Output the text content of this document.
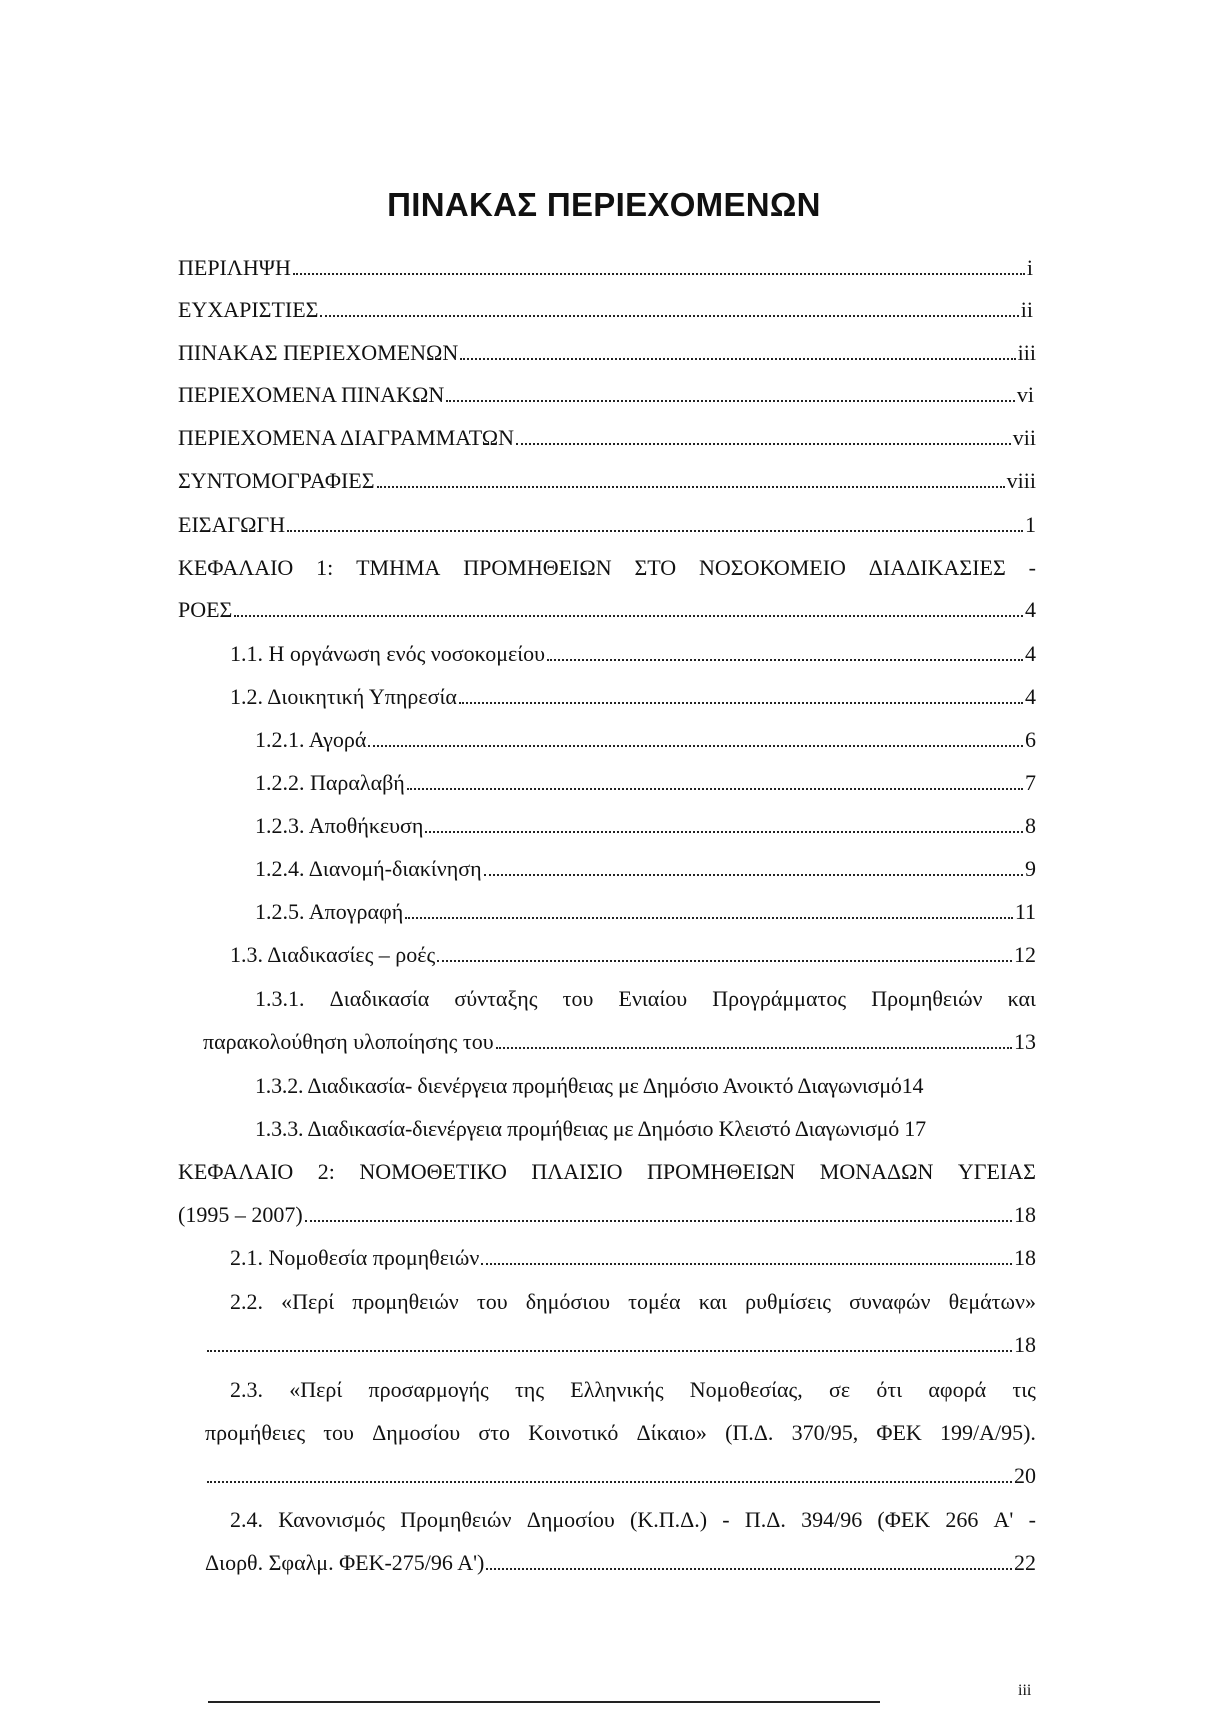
ΠΙΝΑΚΑΣ ΠΕΡΙΕΧΟΜΕΝΩΝ
ΠΕΡΙΛΗΨΗ	i
ΕΥΧΑΡΙΣΤΙΕΣ	ii
ΠΙΝΑΚΑΣ ΠΕΡΙΕΧΟΜΕΝΩΝ	iii
ΠΕΡΙΕΧΟΜΕΝΑ ΠΙΝΑΚΩΝ	vi
ΠΕΡΙΕΧΟΜΕΝΑ ΔΙΑΓΡΑΜΜΑΤΩΝ	vii
ΣΥΝΤΟΜΟΓΡΑΦΙΕΣ	viii
ΕΙΣΑΓΩΓΗ	1
ΚΕΦΑΛΑΙΟ 1: ΤΜΗΜΑ ΠΡΟΜΗΘΕΙΩΝ ΣΤΟ ΝΟΣΟΚΟΜΕΙΟ ΔΙΑΔΙΚΑΣΙΕΣ -
ΡΟΕΣ	4
1.1. Η οργάνωση ενός νοσοκομείου	4
1.2. Διοικητική Υπηρεσία	4
1.2.1. Αγορά	6
1.2.2. Παραλαβή	7
1.2.3. Αποθήκευση	8
1.2.4. Διανομή-διακίνηση	9
1.2.5. Απογραφή	11
1.3. Διαδικασίες – ροές	12
1.3.1. Διαδικασία σύνταξης του Ενιαίου Προγράμματος Προμηθειών και
παρακολούθηση υλοποίησης του	13
1.3.2. Διαδικασία- διενέργεια προμήθειας με Δημόσιο Ανοικτό Διαγωνισμό14
1.3.3. Διαδικασία-διενέργεια προμήθειας με Δημόσιο Κλειστό Διαγωνισμό 17
ΚΕΦΑΛΑΙΟ 2: ΝΟΜΟΘΕΤΙΚΟ ΠΛΑΙΣΙΟ ΠΡΟΜΗΘΕΙΩΝ ΜΟΝΑΔΩΝ ΥΓΕΙΑΣ
(1995 – 2007)	18
2.1. Νομοθεσία προμηθειών	18
2.2. «Περί προμηθειών του δημόσιου τομέα και ρυθμίσεις συναφών θεμάτων»
18
2.3. «Περί προσαρμογής της Ελληνικής Νομοθεσίας, σε ότι αφορά τις
προμήθειες του Δημοσίου στο Κοινοτικό Δίκαιο» (Π.Δ. 370/95, ΦΕΚ 199/Α/95).
20
2.4. Κανονισμός Προμηθειών Δημοσίου (Κ.Π.Δ.) - Π.Δ. 394/96 (ΦΕΚ 266 Α' -
Διορθ. Σφαλμ. ΦΕΚ-275/96 Α')	22
iii
